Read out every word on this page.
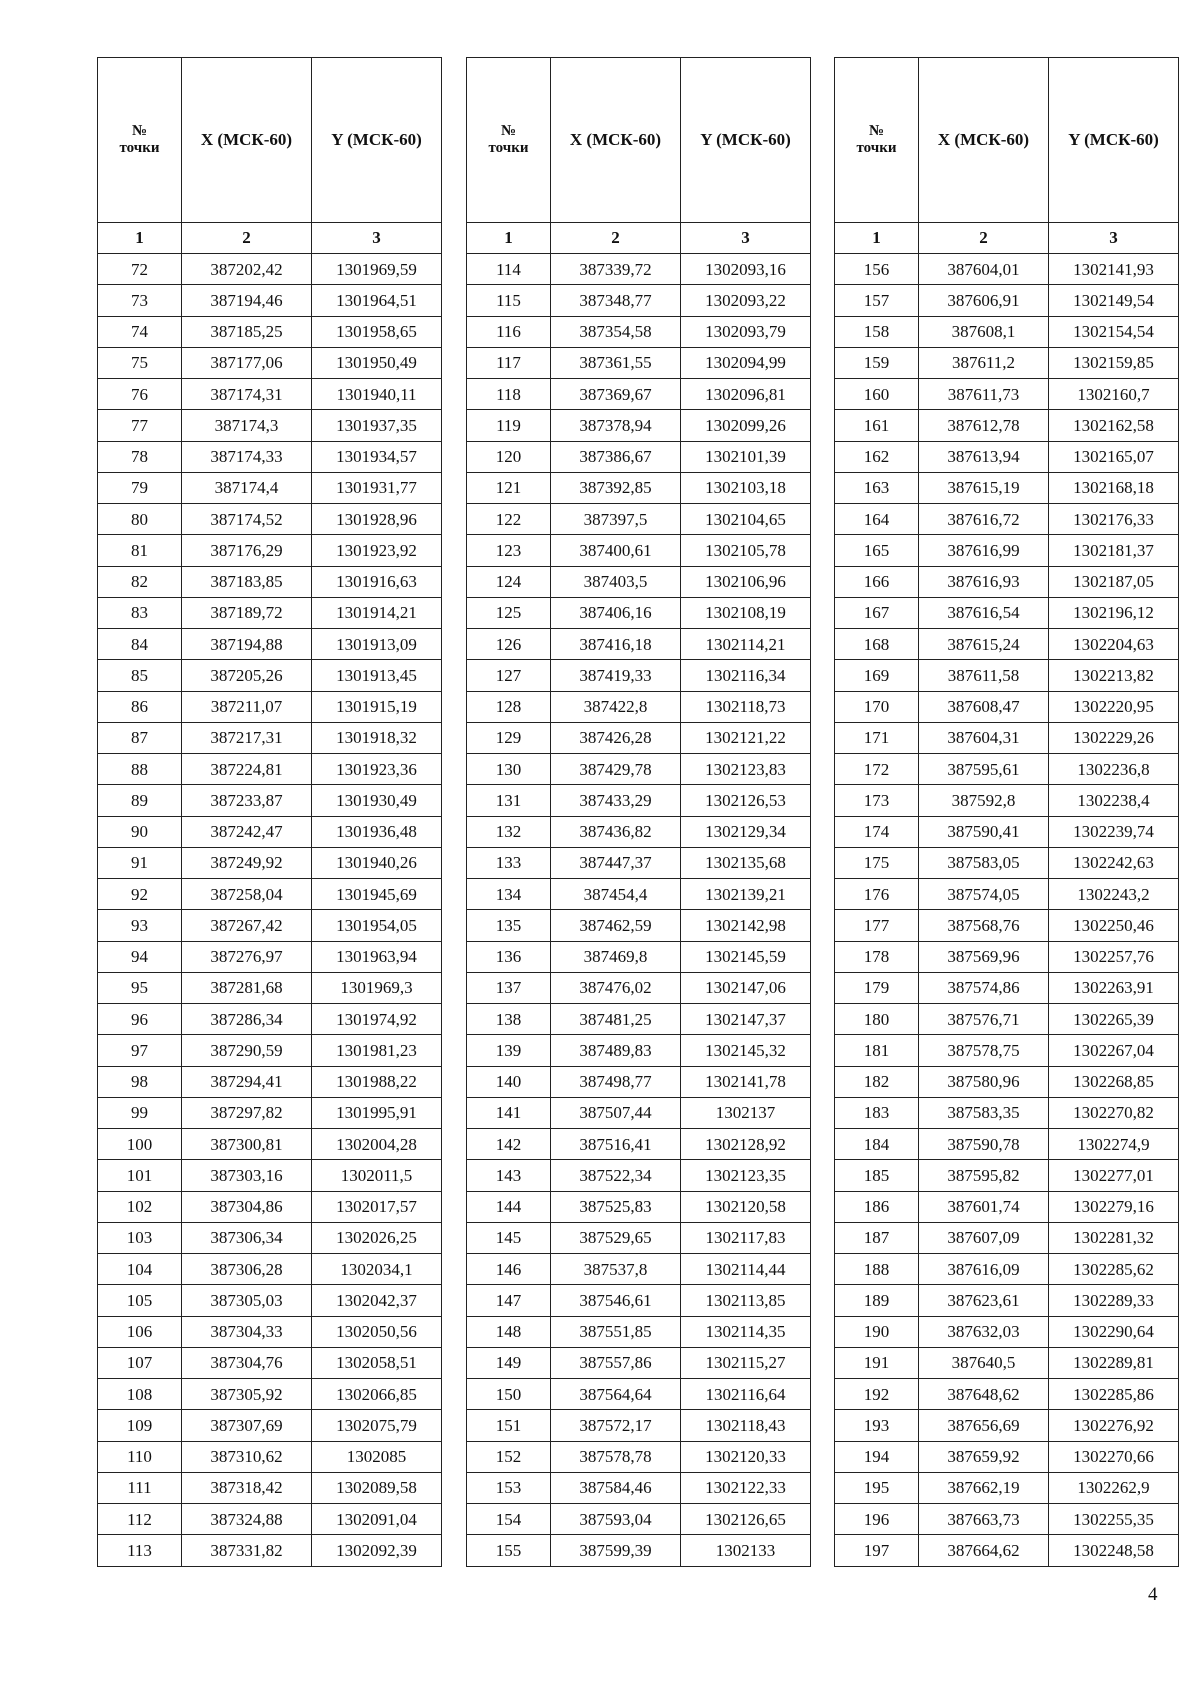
№
точки	X (МСК-60)	Y (МСК-60)
1	2	3
72	387202,42	1301969,59
73	387194,46	1301964,51
74	387185,25	1301958,65
75	387177,06	1301950,49
76	387174,31	1301940,11
77	387174,3	1301937,35
78	387174,33	1301934,57
79	387174,4	1301931,77
80	387174,52	1301928,96
81	387176,29	1301923,92
82	387183,85	1301916,63
83	387189,72	1301914,21
84	387194,88	1301913,09
85	387205,26	1301913,45
86	387211,07	1301915,19
87	387217,31	1301918,32
88	387224,81	1301923,36
89	387233,87	1301930,49
90	387242,47	1301936,48
91	387249,92	1301940,26
92	387258,04	1301945,69
93	387267,42	1301954,05
94	387276,97	1301963,94
95	387281,68	1301969,3
96	387286,34	1301974,92
97	387290,59	1301981,23
98	387294,41	1301988,22
99	387297,82	1301995,91
100	387300,81	1302004,28
101	387303,16	1302011,5
102	387304,86	1302017,57
103	387306,34	1302026,25
104	387306,28	1302034,1
105	387305,03	1302042,37
106	387304,33	1302050,56
107	387304,76	1302058,51
108	387305,92	1302066,85
109	387307,69	1302075,79
110	387310,62	1302085
111	387318,42	1302089,58
112	387324,88	1302091,04
113	387331,82	1302092,39
№
точки	X (МСК-60)	Y (МСК-60)
1	2	3
114	387339,72	1302093,16
115	387348,77	1302093,22
116	387354,58	1302093,79
117	387361,55	1302094,99
118	387369,67	1302096,81
119	387378,94	1302099,26
120	387386,67	1302101,39
121	387392,85	1302103,18
122	387397,5	1302104,65
123	387400,61	1302105,78
124	387403,5	1302106,96
125	387406,16	1302108,19
126	387416,18	1302114,21
127	387419,33	1302116,34
128	387422,8	1302118,73
129	387426,28	1302121,22
130	387429,78	1302123,83
131	387433,29	1302126,53
132	387436,82	1302129,34
133	387447,37	1302135,68
134	387454,4	1302139,21
135	387462,59	1302142,98
136	387469,8	1302145,59
137	387476,02	1302147,06
138	387481,25	1302147,37
139	387489,83	1302145,32
140	387498,77	1302141,78
141	387507,44	1302137
142	387516,41	1302128,92
143	387522,34	1302123,35
144	387525,83	1302120,58
145	387529,65	1302117,83
146	387537,8	1302114,44
147	387546,61	1302113,85
148	387551,85	1302114,35
149	387557,86	1302115,27
150	387564,64	1302116,64
151	387572,17	1302118,43
152	387578,78	1302120,33
153	387584,46	1302122,33
154	387593,04	1302126,65
155	387599,39	1302133
№
точки	X (МСК-60)	Y (МСК-60)
1	2	3
156	387604,01	1302141,93
157	387606,91	1302149,54
158	387608,1	1302154,54
159	387611,2	1302159,85
160	387611,73	1302160,7
161	387612,78	1302162,58
162	387613,94	1302165,07
163	387615,19	1302168,18
164	387616,72	1302176,33
165	387616,99	1302181,37
166	387616,93	1302187,05
167	387616,54	1302196,12
168	387615,24	1302204,63
169	387611,58	1302213,82
170	387608,47	1302220,95
171	387604,31	1302229,26
172	387595,61	1302236,8
173	387592,8	1302238,4
174	387590,41	1302239,74
175	387583,05	1302242,63
176	387574,05	1302243,2
177	387568,76	1302250,46
178	387569,96	1302257,76
179	387574,86	1302263,91
180	387576,71	1302265,39
181	387578,75	1302267,04
182	387580,96	1302268,85
183	387583,35	1302270,82
184	387590,78	1302274,9
185	387595,82	1302277,01
186	387601,74	1302279,16
187	387607,09	1302281,32
188	387616,09	1302285,62
189	387623,61	1302289,33
190	387632,03	1302290,64
191	387640,5	1302289,81
192	387648,62	1302285,86
193	387656,69	1302276,92
194	387659,92	1302270,66
195	387662,19	1302262,9
196	387663,73	1302255,35
197	387664,62	1302248,58
4
